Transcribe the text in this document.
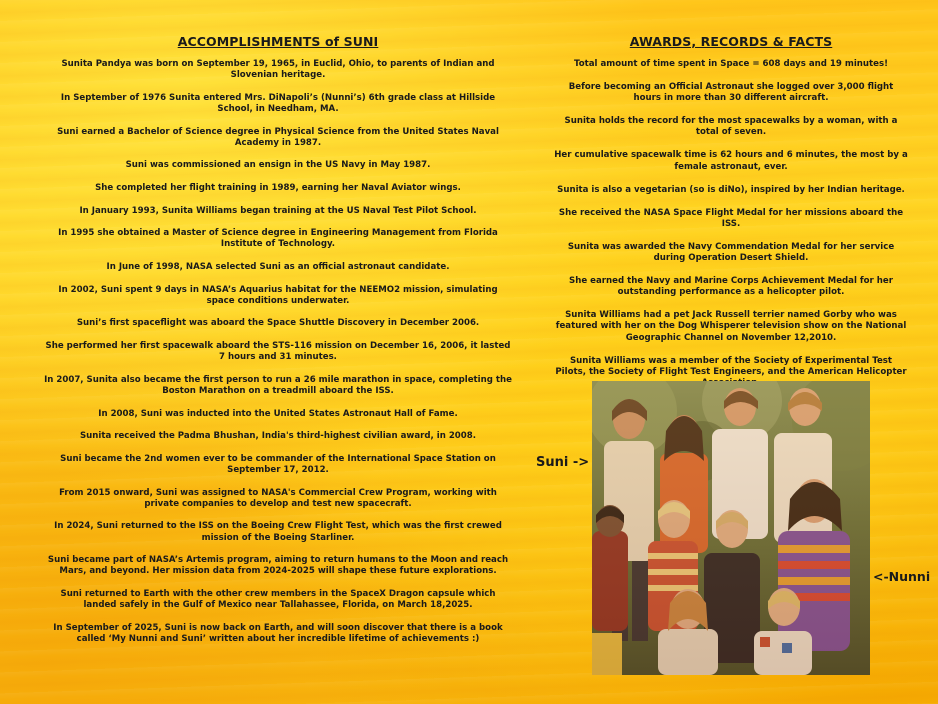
ACCOMPLISHMENTS of SUNI

Sunita Pandya was born on September 19, 1965, in Euclid, Ohio, to parents of Indian and Slovenian heritage.

In September of 1976 Sunita entered Mrs. DiNapoli’s (Nunni’s) 6th grade class at Hillside School, in Needham, MA.

Suni earned a Bachelor of Science degree in Physical Science from the United States Naval Academy in 1987.

Suni was commissioned an ensign in the US Navy in May 1987.

She completed her flight training in 1989, earning her Naval Aviator wings.

In January 1993, Sunita Williams began training at the US Naval Test Pilot School.

In 1995 she obtained a Master of Science degree in Engineering Management from Florida Institute of Technology.

In June of 1998, NASA selected Suni as an official astronaut candidate.

In 2002, Suni spent 9 days in NASA’s Aquarius habitat for the NEEMO2 mission, simulating space conditions underwater.

Suni’s first spaceflight was aboard the Space Shuttle Discovery in December 2006.

She performed her first spacewalk aboard the STS-116 mission on December 16, 2006, it lasted 7 hours and 31 minutes.

In 2007, Sunita also became the first person to run a 26 mile marathon in space, completing the Boston Marathon on a treadmill aboard the ISS.

In 2008, Suni was inducted into the United States Astronaut Hall of Fame.

Sunita received the Padma Bhushan, India's third-highest civilian award, in 2008.

Suni became the 2nd women ever to be commander of the International Space Station on September 17, 2012.

From 2015 onward, Suni was assigned to NASA's Commercial Crew Program, working with private companies to develop and test new spacecraft.

In 2024, Suni returned to the ISS on the Boeing Crew Flight Test, which was the first crewed mission of the Boeing Starliner.

Suni became part of NASA’s Artemis program, aiming to return humans to the Moon and reach Mars, and beyond. Her mission data from 2024-2025 will shape these future explorations.

Suni returned to Earth with the other crew members in the SpaceX Dragon capsule which landed safely in the Gulf of Mexico near Tallahassee, Florida, on March 18,2025.

In September of 2025, Suni is now back on Earth, and will soon discover that there is a book called ‘My Nunni and Suni’ written about her incredible lifetime of achievements :)

AWARDS, RECORDS & FACTS

Total amount of time spent in Space = 608 days and 19 minutes!

Before becoming an Official Astronaut she logged over 3,000 flight hours in more than 30 different aircraft.

Sunita holds the record for the most spacewalks by a woman, with a total of seven.

Her cumulative spacewalk time is 62 hours and 6 minutes, the most by a female astronaut, ever.

Sunita is also a vegetarian (so is diNo), inspired by her Indian heritage.

She received the NASA Space Flight Medal for her missions aboard the ISS.

Sunita was awarded the Navy Commendation Medal for her service during Operation Desert Shield.

She earned the Navy and Marine Corps Achievement Medal for her outstanding performance as a helicopter pilot.

Sunita Williams had a pet Jack Russell terrier named Gorby who was featured with her on the Dog Whisperer television show on the National Geographic Channel on November 12,2010.

Sunita Williams was a member of the Society of Experimental Test Pilots, the Society of Flight Test Engineers, and the American Helicopter

Suni ->
<-Nunni
